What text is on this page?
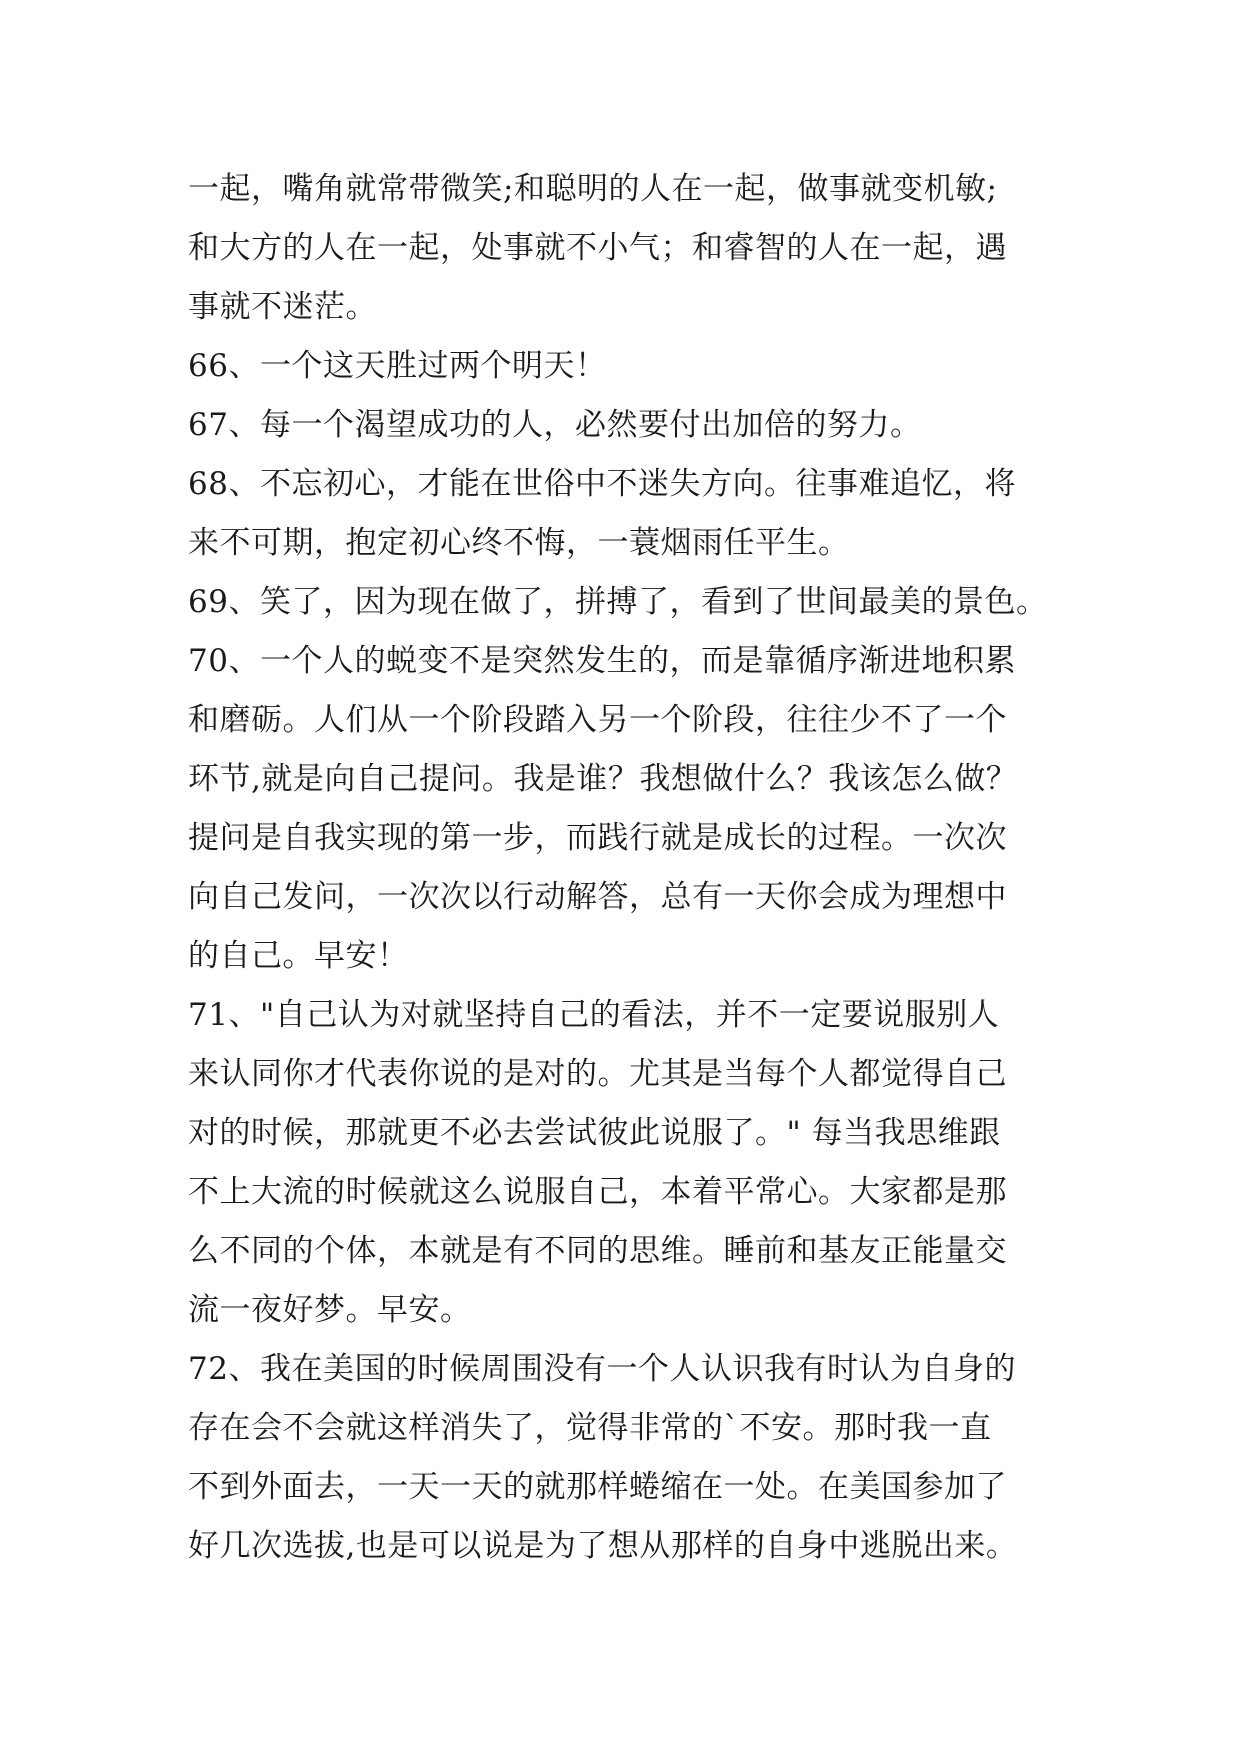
一起，嘴角就常带微笑;和聪明的人在一起，做事就变机敏;
和大方的人在一起，处事就不小气；和睿智的人在一起，遇
事就不迷茫。
66、一个这天胜过两个明天！
67、每一个渴望成功的人，必然要付出加倍的努力。
68、不忘初心，才能在世俗中不迷失方向。往事难追忆，将
来不可期，抱定初心终不悔，一蓑烟雨任平生。
69、笑了，因为现在做了，拼搏了，看到了世间最美的景色。
70、一个人的蜕变不是突然发生的，而是靠循序渐进地积累
和磨砺。人们从一个阶段踏入另一个阶段，往往少不了一个
环节,就是向自己提问。我是谁？我想做什么？我该怎么做？
提问是自我实现的第一步，而践行就是成长的过程。一次次
向自己发问，一次次以行动解答，总有一天你会成为理想中
的自己。早安！
71、"自己认为对就坚持自己的看法，并不一定要说服别人
来认同你才代表你说的是对的。尤其是当每个人都觉得自己
对的时候，那就更不必去尝试彼此说服了。" 每当我思维跟
不上大流的时候就这么说服自己，本着平常心。大家都是那
么不同的个体，本就是有不同的思维。睡前和基友正能量交
流一夜好梦。早安。
72、我在美国的时候周围没有一个人认识我有时认为自身的
存在会不会就这样消失了，觉得非常的`不安。那时我一直
不到外面去，一天一天的就那样蜷缩在一处。在美国参加了
好几次选拔,也是可以说是为了想从那样的自身中逃脱出来。
